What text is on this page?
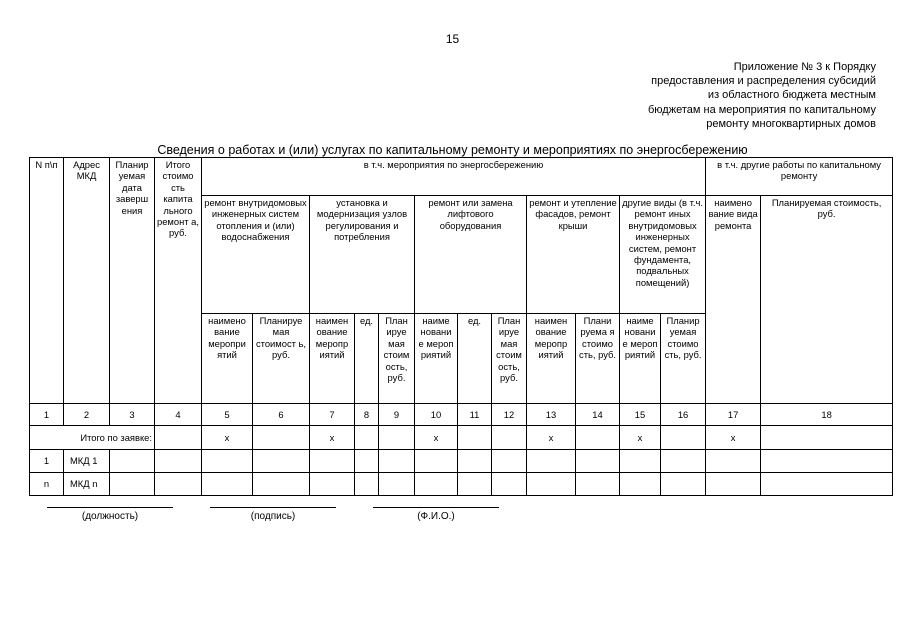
15
Приложение № 3 к Порядку
предоставления и распределения субсидий
из областного бюджета местным
бюджетам на мероприятия по капитальному
ремонту многоквартирных домов
Сведения о работах и (или) услугах по капитальному ремонту и мероприятиях по энергосбережению
N п\п	Адрес МКД	Планир уемая дата заверш ения	Итого стоимо сть капита льного ремонт а, руб.	в т.ч. мероприятия по энергосбережению												в т.ч. другие работы по капитальному ремонту	
				ремонт внутридомовых инженерных систем отопления и (или) водоснабжения		установка и модернизация узлов регулирования и потребления			ремонт или замена лифтового оборудования			ремонт и утепление фасадов, ремонт крыши		другие виды (в т.ч. ремонт иных внутридомовых инженерных систем, ремонт фундамента, подвальных помещений)		наимено вание вида ремонта	Планируемая стоимость, руб.
				наимено вание меропри ятий	Планируе мая стоимост ь, руб.	наимен ование меропр иятий	ед.	План ируе мая стоим ость, руб.	наиме новани е мероп риятий	ед.	План ируе мая стоим ость, руб.	наимен ование меропр иятий	Плани руема я стоимо сть, руб.	наиме новани е мероп риятий	Планир уемая стоимо сть, руб.		
1	2	3	4	5	6	7	8	9	10	11	12	13	14	15	16	17	18
Итого по заявке:				x		x			x			x		x		x	
1	МКД 1																
n	МКД n																
(должность)	(подпись)	(Ф.И.О.)
